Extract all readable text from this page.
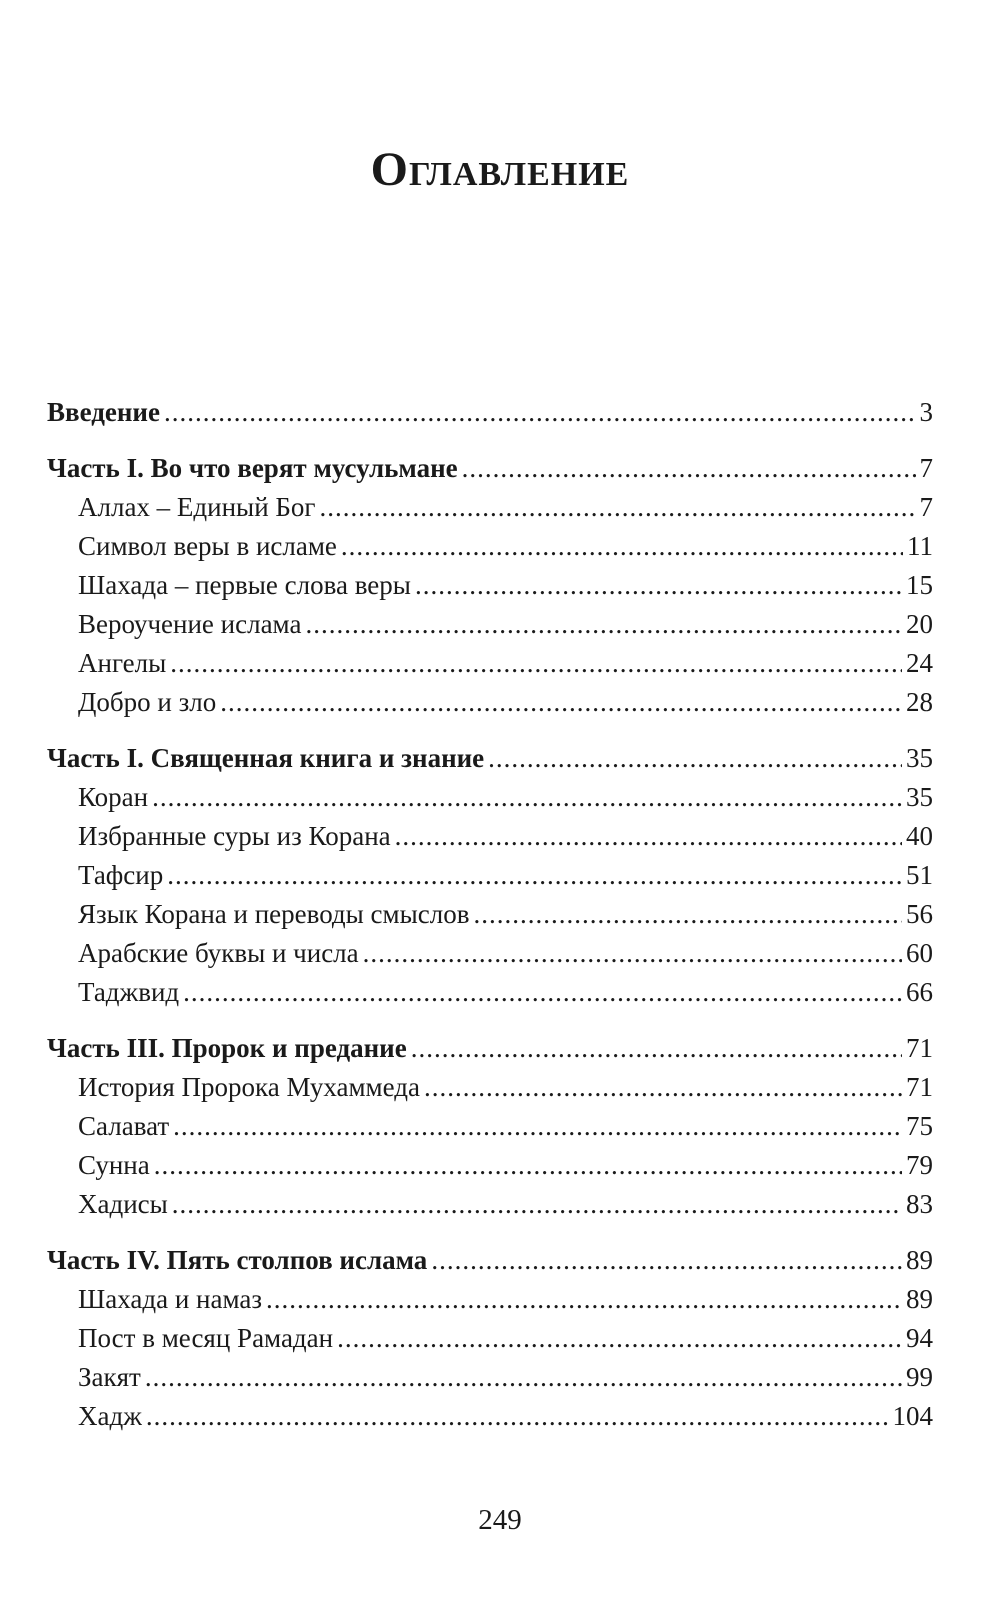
Оглавление
Введение .....	3
Часть I. Во что верят мусульмане .....	7
Аллах – Единый Бог .....	7
Символ веры в исламе .....	11
Шахада – первые слова веры .....	15
Вероучение ислама .....	20
Ангелы .....	24
Добро и зло .....	28
Часть I. Священная книга и знание .....	35
Коран .....	35
Избранные суры из Корана .....	40
Тафсир .....	51
Язык Корана и переводы смыслов .....	56
Арабские буквы и числа .....	60
Таджвид .....	66
Часть III. Пророк и предание .....	71
История Пророка Мухаммеда .....	71
Салават .....	75
Сунна .....	79
Хадисы .....	83
Часть IV. Пять столпов ислама .....	89
Шахада и намаз .....	89
Пост в месяц Рамадан .....	94
Закят .....	99
Хадж .....	104
249
